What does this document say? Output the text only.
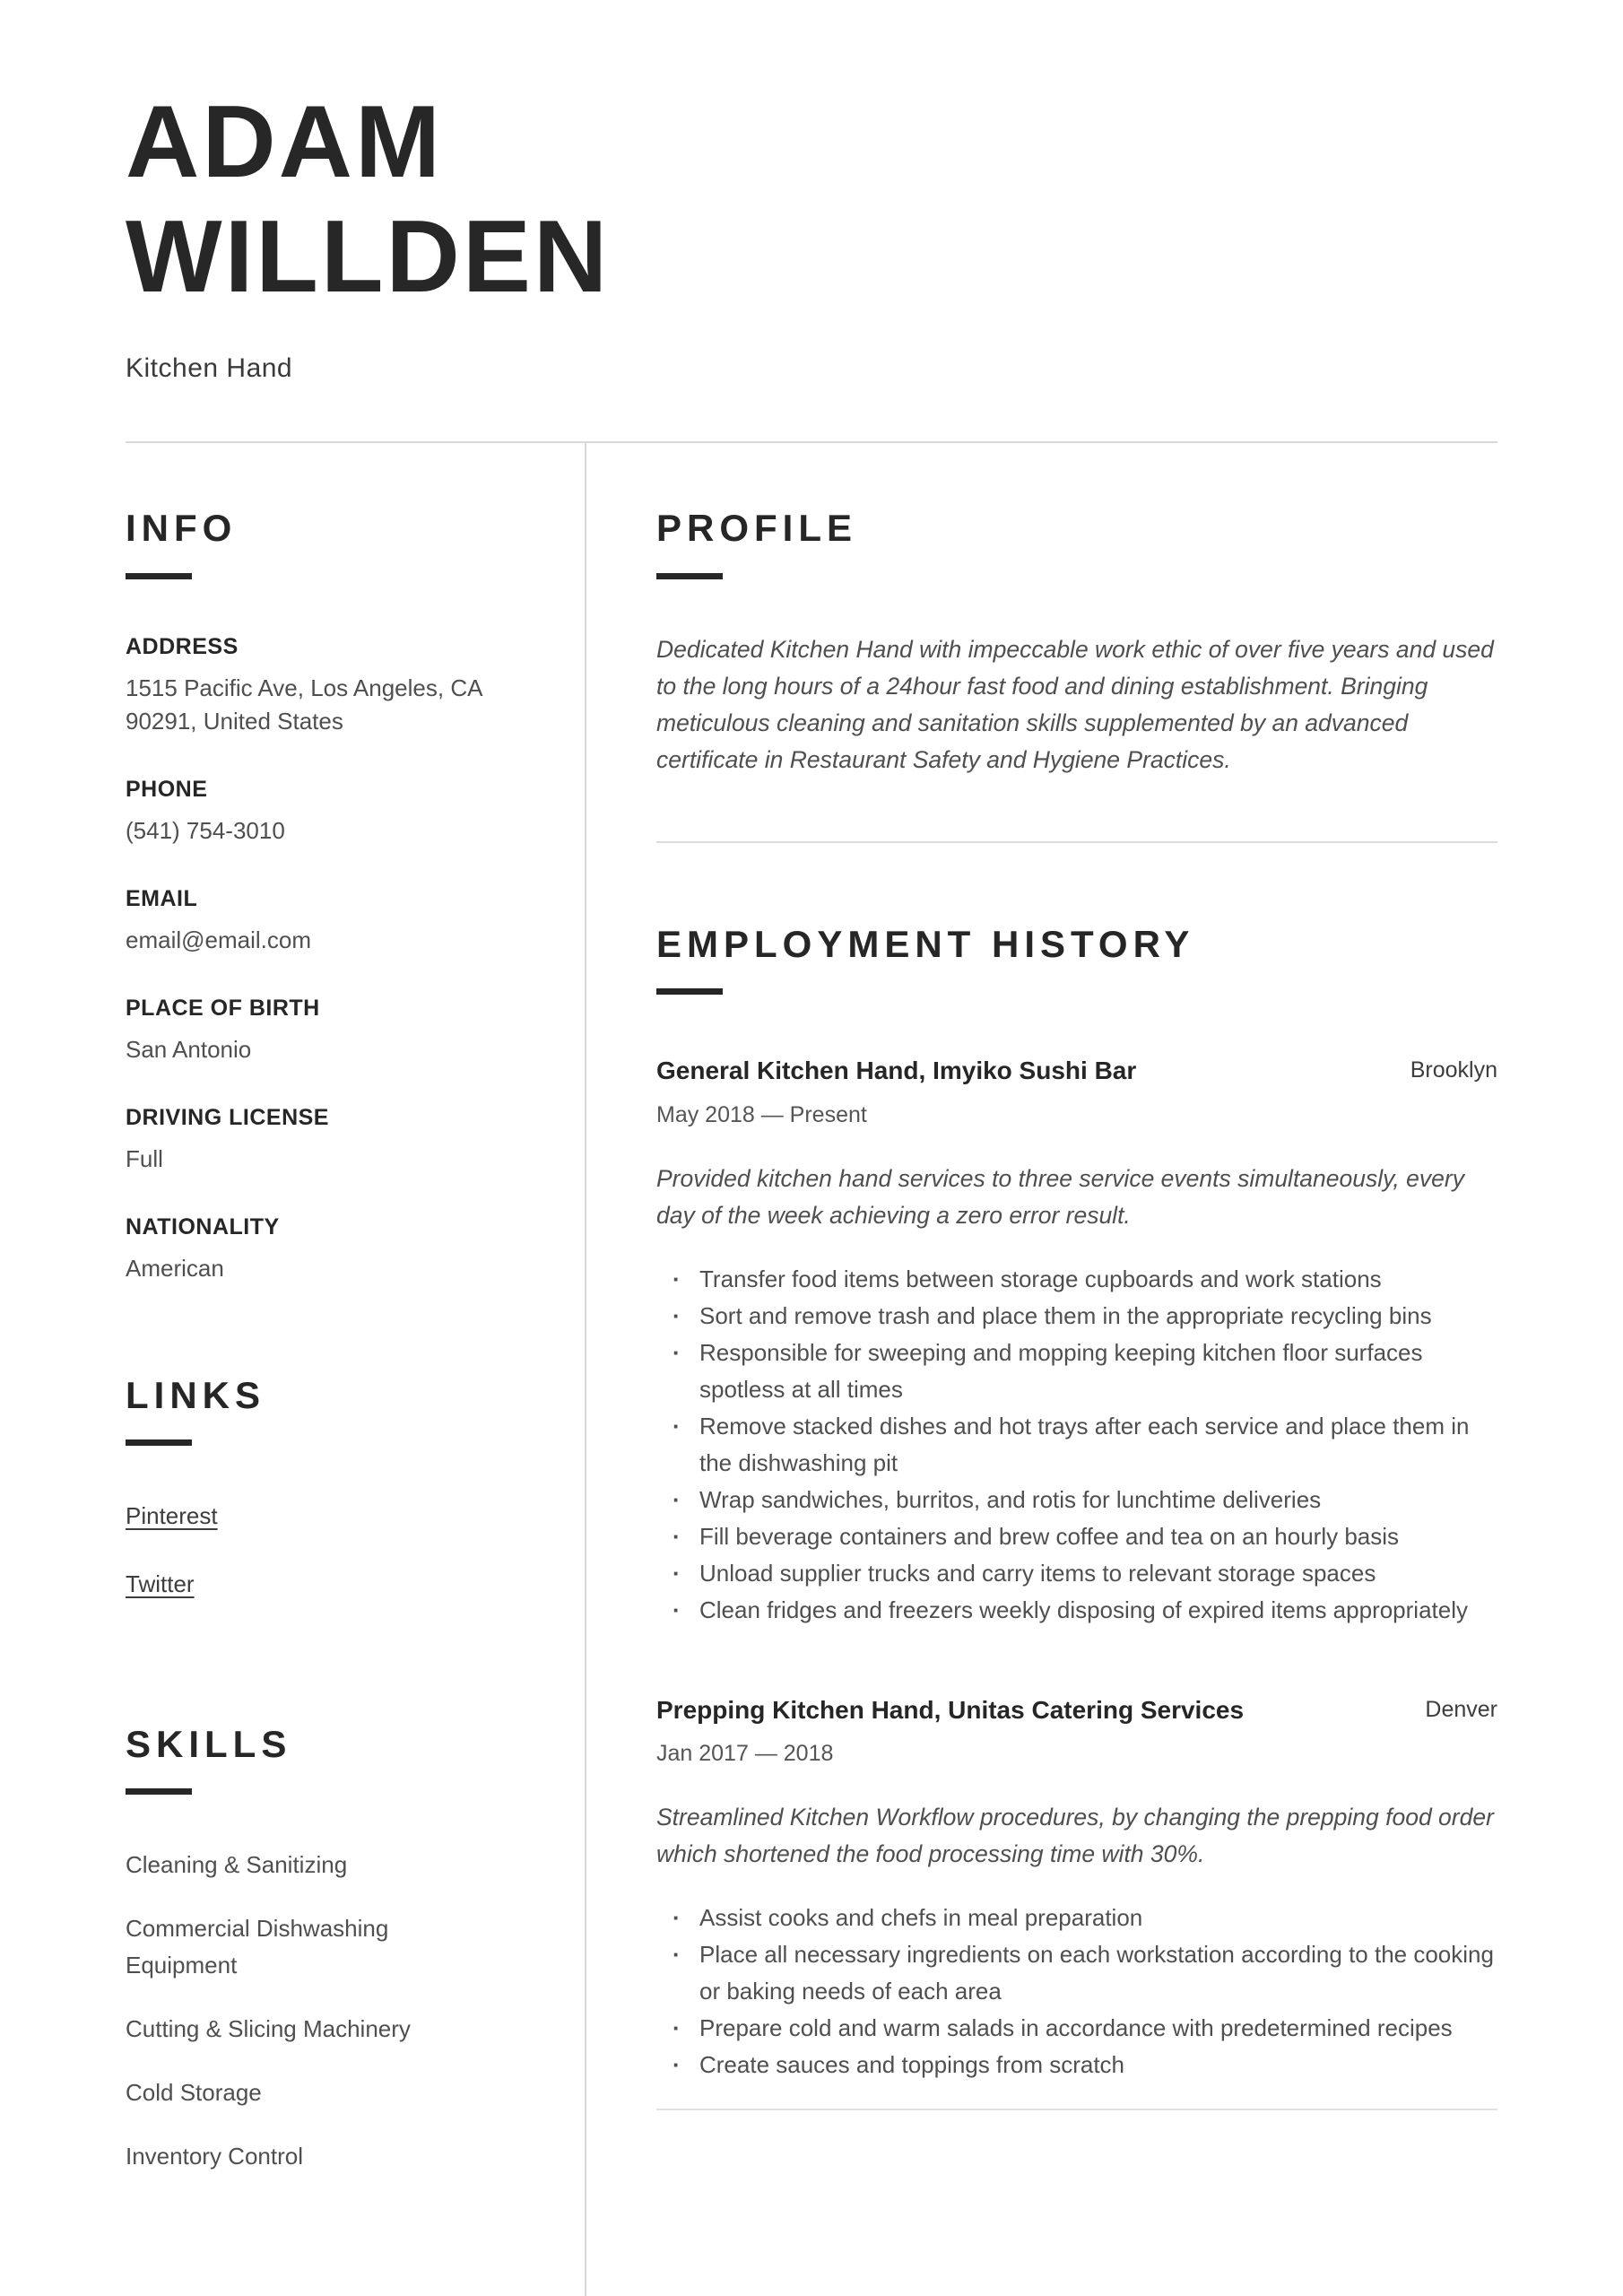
ADAM
WILLDEN
Kitchen Hand
INFO
ADDRESS
1515 Pacific Ave, Los Angeles, CA 90291, United States
PHONE
(541) 754-3010
EMAIL
email@email.com
PLACE OF BIRTH
San Antonio
DRIVING LICENSE
Full
NATIONALITY
American
LINKS
Pinterest
Twitter
SKILLS
Cleaning & Sanitizing
Commercial Dishwashing Equipment
Cutting & Slicing Machinery
Cold Storage
Inventory Control
PROFILE

Dedicated Kitchen Hand with impeccable work ethic of over five years and used to the long hours of a 24hour fast food and dining establishment. Bringing meticulous cleaning and sanitation skills supplemented by an advanced certificate in Restaurant Safety and Hygiene Practices.

EMPLOYMENT HISTORY
General Kitchen Hand, Imyiko Sushi Bar	Brooklyn
May 2018 — Present

Provided kitchen hand services to three service events simultaneously, every day of the week achieving a zero error result.

· Transfer food items between storage cupboards and work stations
· Sort and remove trash and place them in the appropriate recycling bins
· Responsible for sweeping and mopping keeping kitchen floor surfaces spotless at all times
· Remove stacked dishes and hot trays after each service and place them in the dishwashing pit
· Wrap sandwiches, burritos, and rotis for lunchtime deliveries
· Fill beverage containers and brew coffee and tea on an hourly basis
· Unload supplier trucks and carry items to relevant storage spaces
· Clean fridges and freezers weekly disposing of expired items appropriately
Prepping Kitchen Hand, Unitas Catering Services	Denver
Jan 2017 — 2018

Streamlined Kitchen Workflow procedures, by changing the prepping food order which shortened the food processing time with 30%.

· Assist cooks and chefs in meal preparation
· Place all necessary ingredients on each workstation according to the cooking or baking needs of each area
· Prepare cold and warm salads in accordance with predetermined recipes
· Create sauces and toppings from scratch
